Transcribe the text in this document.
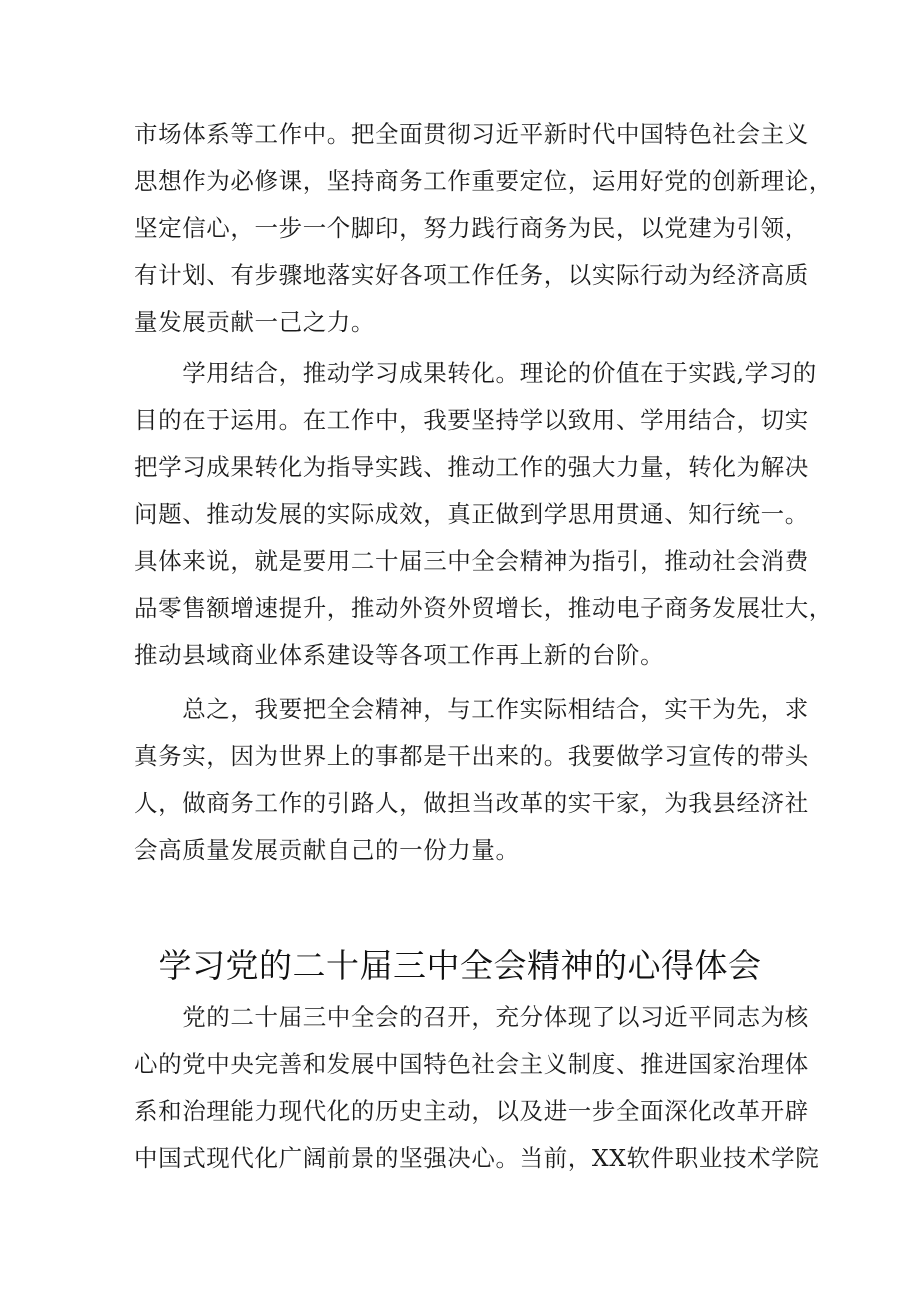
市场体系等工作中。把全面贯彻习近平新时代中国特色社会主义
思想作为必修课，坚持商务工作重要定位，运用好党的创新理论，
坚定信心，一步一个脚印，努力践行商务为民，以党建为引领，
有计划、有步骤地落实好各项工作任务，以实际行动为经济高质
量发展贡献一己之力。

　　学用结合，推动学习成果转化。理论的价值在于实践,学习的
目的在于运用。在工作中，我要坚持学以致用、学用结合，切实
把学习成果转化为指导实践、推动工作的强大力量，转化为解决
问题、推动发展的实际成效，真正做到学思用贯通、知行统一。
具体来说，就是要用二十届三中全会精神为指引，推动社会消费
品零售额增速提升，推动外资外贸增长，推动电子商务发展壮大，
推动县域商业体系建设等各项工作再上新的台阶。

　　总之，我要把全会精神，与工作实际相结合，实干为先，求
真务实，因为世界上的事都是干出来的。我要做学习宣传的带头
人，做商务工作的引路人，做担当改革的实干家，为我县经济社
会高质量发展贡献自己的一份力量。

学习党的二十届三中全会精神的心得体会

　　党的二十届三中全会的召开，充分体现了以习近平同志为核
心的党中央完善和发展中国特色社会主义制度、推进国家治理体
系和治理能力现代化的历史主动，以及进一步全面深化改革开辟
中国式现代化广阔前景的坚强决心。当前，XX软件职业技术学院
